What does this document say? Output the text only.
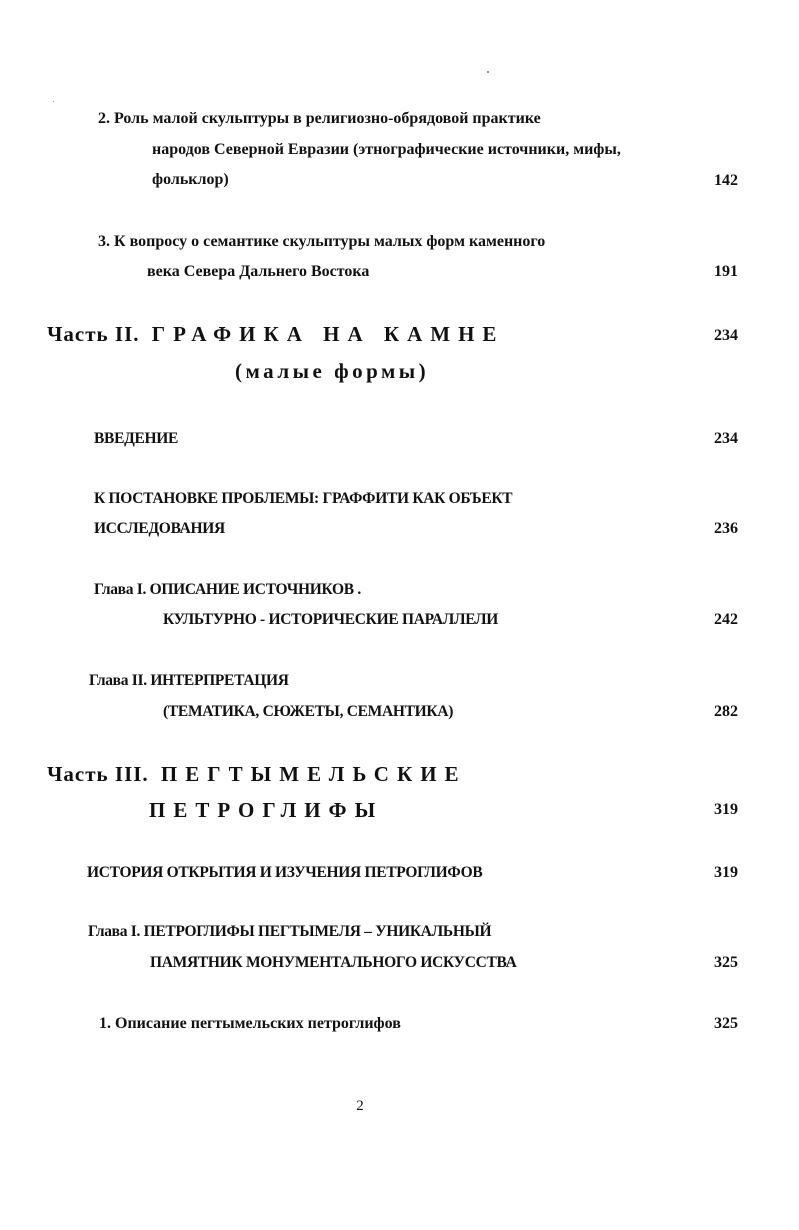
2. Роль малой скульптуры в религиозно-обрядовой практике
народов Северной Евразии (этнографические источники, мифы,
фольклор)	142
3. К вопросу о семантике скульптуры малых форм каменного
века Севера Дальнего Востока	191
Часть II. ГРАФИКА НА КАМНЕ	234
(малые формы)
ВВЕДЕНИЕ	234
К ПОСТАНОВКЕ ПРОБЛЕМЫ: ГРАФФИТИ КАК ОБЪЕКТ
ИССЛЕДОВАНИЯ	236
Глава I. ОПИСАНИЕ ИСТОЧНИКОВ .
КУЛЬТУРНО - ИСТОРИЧЕСКИЕ ПАРАЛЛЕЛИ	242
Глава II. ИНТЕРПРЕТАЦИЯ
(ТЕМАТИКА, СЮЖЕТЫ, СЕМАНТИКА)	282
Часть III. ПЕГТЫМЕЛЬСКИЕ
ПЕТРОГЛИФЫ	319
ИСТОРИЯ ОТКРЫТИЯ И ИЗУЧЕНИЯ ПЕТРОГЛИФОВ	319
Глава I. ПЕТРОГЛИФЫ ПЕГТЫМЕЛЯ – УНИКАЛЬНЫЙ
ПАМЯТНИК МОНУМЕНТАЛЬНОГО ИСКУССТВА	325
1. Описание пегтымельских петроглифов	325
2
